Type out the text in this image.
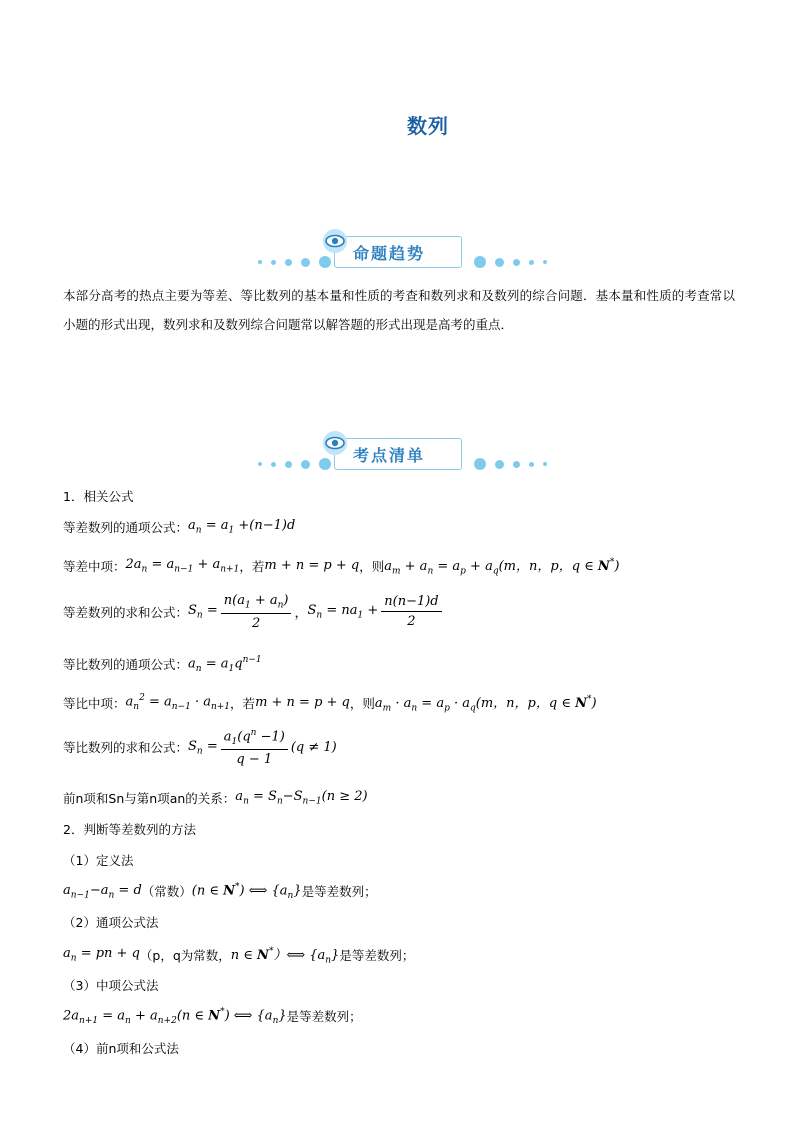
数列
命题趋势
本部分高考的热点主要为等差、等比数列的基本量和性质的考查和数列求和及数列的综合问题．基本量和性质的考查常以小题的形式出现，数列求和及数列综合问题常以解答题的形式出现是高考的重点．
考点清单
1．相关公式
等差数列的通项公式： $a_n = a_1 +(n-1)d$
等差中项： $2a_n = a_{n-1} + a_{n+1}$ ，若 m + n = p + q ，则 $a_m + a_n = a_p + a_q(m$，n，p，q ∈ N*)
等差数列的求和公式： $S_n = \frac{n(a_1 + a_n)}{2}$ ， $S_n = na_1 + \frac{n(n-1)d}{2}$
等比数列的通项公式： $a_n = a_1q^{n-1}$
等比中项： $a_n^2 = a_{n-1} \cdot a_{n+1}$ ，若 m + n = p + q ，则 $a_m \cdot a_n = a_p \cdot a_q(m$，n，p，q ∈ N*)
等比数列的求和公式： $S_n = \frac{a_1(q^n -1)}{q - 1} (q \ne 1)$
前n项和Sn与第n项an的关系： $a_n = S_n-S_{n-1}(n \ge 2)$
2．判断等差数列的方法
（1）定义法
$a_{n-1}-a_n = d$ （常数） (n ∈ N*) ⟺ $\{a_n\}$ 是等差数列；
（2）通项公式法
$a_n$ = pn + q （p，q为常数， n ∈ N*）⟺ $\{a_n\}$ 是等差数列；
（3）中项公式法
$2a_{n+1} = a_n + a_{n+2}(n$ ∈ N*) ⟺ $\{a_n\}$ 是等差数列；
（4）前n项和公式法
